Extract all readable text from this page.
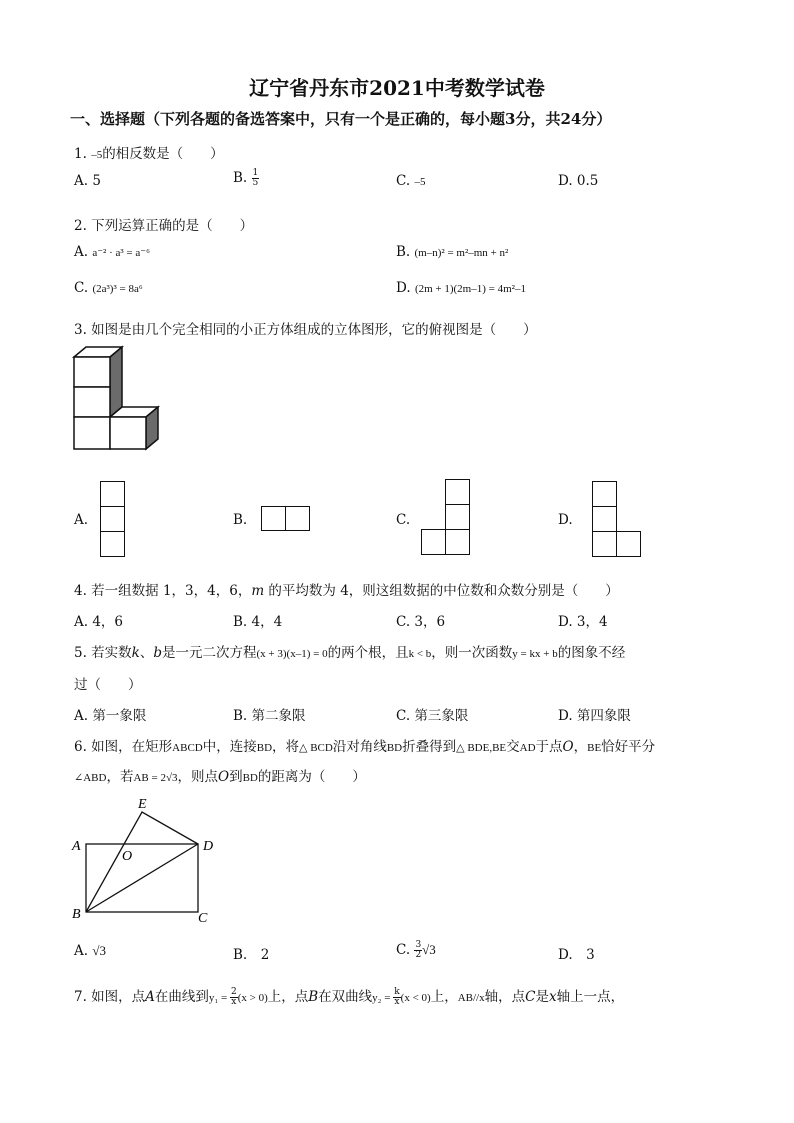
辽宁省丹东市2021中考数学试卷
一、选择题（下列各题的备选答案中，只有一个是正确的，每小题3分，共24分）
1. –5的相反数是（　　）
A. 5	B. $\frac{1}{5}$	C. –5	D. 0.5
2. 下列运算正确的是（　　）
A. a⁻² · a³ = a⁻⁶	B. (m–n)² = m²–mn + n²
C. (2a³)³ = 8a⁶	D. (2m + 1)(2m–1) = 4m²–1
3. 如图是由几个完全相同的小正方体组成的立体图形，它的俯视图是（　　）
A.	B.	C.	D.
4. 若一组数据 1，3，4，6，m 的平均数为 4，则这组数据的中位数和众数分别是（　　）
A. 4，6	B. 4，4	C. 3，6	D. 3，4
5. 若实数k、b是一元二次方程(x + 3)(x–1) = 0的两个根，且k < b，则一次函数y = kx + b的图象不经
过（　　）
A. 第一象限	B. 第二象限	C. 第三象限	D. 第四象限
6. 如图，在矩形ABCD中，连接BD，将△ BCD沿对角线BD折叠得到△ BDE,BE交AD于点O，BE恰好平分
∠ABD，若AB = 2√3，则点O到BD的距离为（　　）
E
A
O
D
B	C
A. √3	B.　2	C. $\frac{3}{2} √3$	D.　3
7. 如图，点A在曲线到$y_1 = \frac{2}{x} (x > 0)$上，点B在双曲线$y_2 = \frac{k}{x} (x < 0)$上，AB//x轴，点C是x轴上一点，
